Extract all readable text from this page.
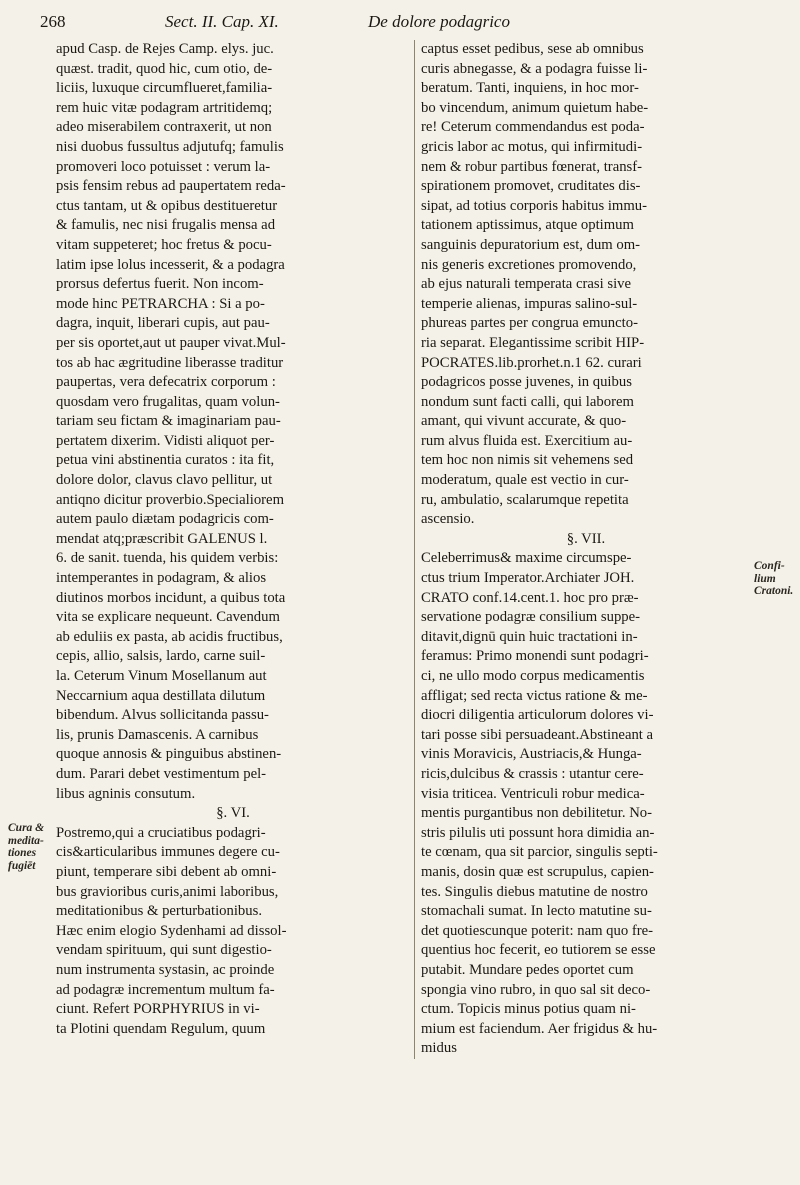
268	Sect. II. Cap. XI.	De dolore podagrico
Cura &
medita-
tiones
fugiēt
Confi-
lium
Cratoni.
apud Casp. de Rejes Camp. elys. juc.
quæst. tradit, quod hic, cum otio, de-
liciis, luxuque circumflueret,familia-
rem huic vitæ podagram artritidemq;
adeo miserabilem contraxerit, ut non
nisi duobus fussultus adjutufq; famulis
promoveri loco potuisset : verum la-
psis fensim rebus ad paupertatem reda-
ctus tantam, ut & opibus destitueretur
& famulis, nec nisi frugalis mensa ad
vitam suppeteret; hoc fretus & pocu-
latim ipse lolus incesserit, & a podagra
prorsus defertus fuerit. Non incom-
mode hinc PETRARCHA : Si a po-
dagra, inquit, liberari cupis, aut pau-
per sis oportet,aut ut pauper vivat.Mul-
tos ab hac ægritudine liberasse traditur
paupertas, vera defecatrix corporum :
quosdam vero frugalitas, quam volun-
tariam seu fictam & imaginariam pau-
pertatem dixerim. Vidisti aliquot per-
petua vini abstinentia curatos : ita fit,
dolore dolor, clavus clavo pellitur, ut
antiqno dicitur proverbio.Specialiorem
autem paulo diætam podagricis com-
mendat atq;præscribit GALENUS l.
6. de sanit. tuenda, his quidem verbis:
intemperantes in podagram, & alios
diutinos morbos incidunt, a quibus tota
vita se explicare nequeunt. Cavendum
ab eduliis ex pasta, ab acidis fructibus,
cepis, allio, salsis, lardo, carne suil-
la. Ceterum Vinum Mosellanum aut
Neccarnium aqua destillata dilutum
bibendum. Alvus sollicitanda passu-
lis, prunis Damascenis. A carnibus
quoque annosis & pinguibus abstinen-
dum. Parari debet vestimentum pel-
libus agninis consutum.
§. VI.
Postremo,qui a cruciatibus podagri-
cis&articularibus immunes degere cu-
piunt, temperare sibi debent ab omni-
bus gravioribus curis,animi laboribus,
meditationibus & perturbationibus.
Hæc enim elogio Sydenhami ad dissol-
vendam spirituum, qui sunt digestio-
num instrumenta systasin, ac proinde
ad podagræ incrementum multum fa-
ciunt. Refert PORPHYRIUS in vi-
ta Plotini quendam Regulum, quum
captus esset pedibus, sese ab omnibus
curis abnegasse, & a podagra fuisse li-
beratum. Tanti, inquiens, in hoc mor-
bo vincendum, animum quietum habe-
re! Ceterum commendandus est poda-
gricis labor ac motus, qui infirmitudi-
nem & robur partibus fœnerat, transf-
spirationem promovet, cruditates dis-
sipat, ad totius corporis habitus immu-
tationem aptissimus, atque optimum
sanguinis depuratorium est, dum om-
nis generis excretiones promovendo,
ab ejus naturali temperata crasi sive
temperie alienas, impuras salino-sul-
phureas partes per congrua emuncto-
ria separat. Elegantissime scribit HIP-
POCRATES.lib.prorhet.n.1 62. curari
podagricos posse juvenes, in quibus
nondum sunt facti calli, qui laborem
amant, qui vivunt accurate, & quo-
rum alvus fluida est. Exercitium au-
tem hoc non nimis sit vehemens sed
moderatum, quale est vectio in cur-
ru, ambulatio, scalarumque repetita
ascensio.
§. VII.
Celeberrimus& maxime circumspe-
ctus trium Imperator.Archiater JOH.
CRATO conf.14.cent.1. hoc pro præ-
servatione podagræ consilium suppe-
ditavit,dignū quin huic tractationi in-
feramus: Primo monendi sunt podagri-
ci, ne ullo modo corpus medicamentis
affligat; sed recta victus ratione & me-
diocri diligentia articulorum dolores vi-
tari posse sibi persuadeant.Abstineant a
vinis Moravicis, Austriacis,& Hunga-
ricis,dulcibus & crassis : utantur cere-
visia triticea. Ventriculi robur medica-
mentis purgantibus non debilitetur. No-
stris pilulis uti possunt hora dimidia an-
te cœnam, qua sit parcior, singulis septi-
manis, dosin quæ est scrupulus, capien-
tes. Singulis diebus matutine de nostro
stomachali sumat. In lecto matutine su-
det quotiescunque poterit: nam quo fre-
quentius hoc fecerit, eo tutiorem se esse
putabit. Mundare pedes oportet cum
spongia vino rubro, in quo sal sit deco-
ctum. Topicis minus potius quam ni-
mium est faciendum. Aer frigidus & hu-
midus
